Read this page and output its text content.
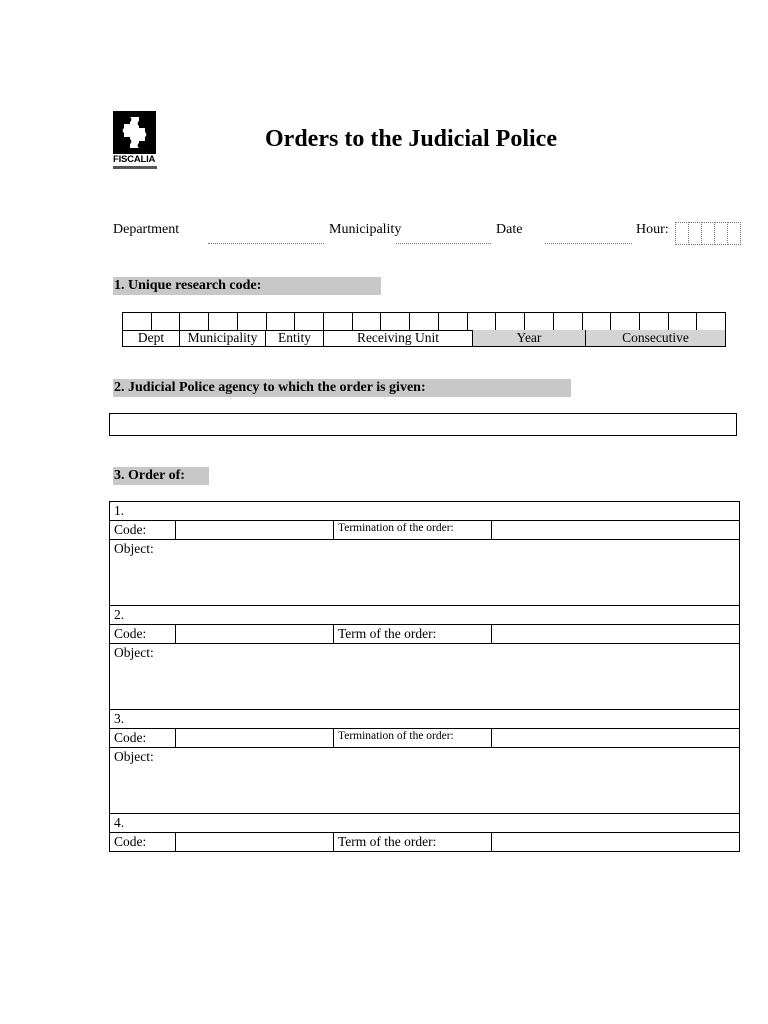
FISCALIA
Orders to the Judicial Police
Department	Municipality	Date	Hour:
1. Unique research code:
Dept	Municipality	Entity	Receiving Unit	Year	Consecutive
2. Judicial Police agency to which the order is given:
3. Order of:
1.			
Code:		Termination of the order:	
Object:			
2.			
Code:		Term of the order:	
Object:			
3.			
Code:		Termination of the order:	
Object:			
4.			
Code:		Term of the order:	
